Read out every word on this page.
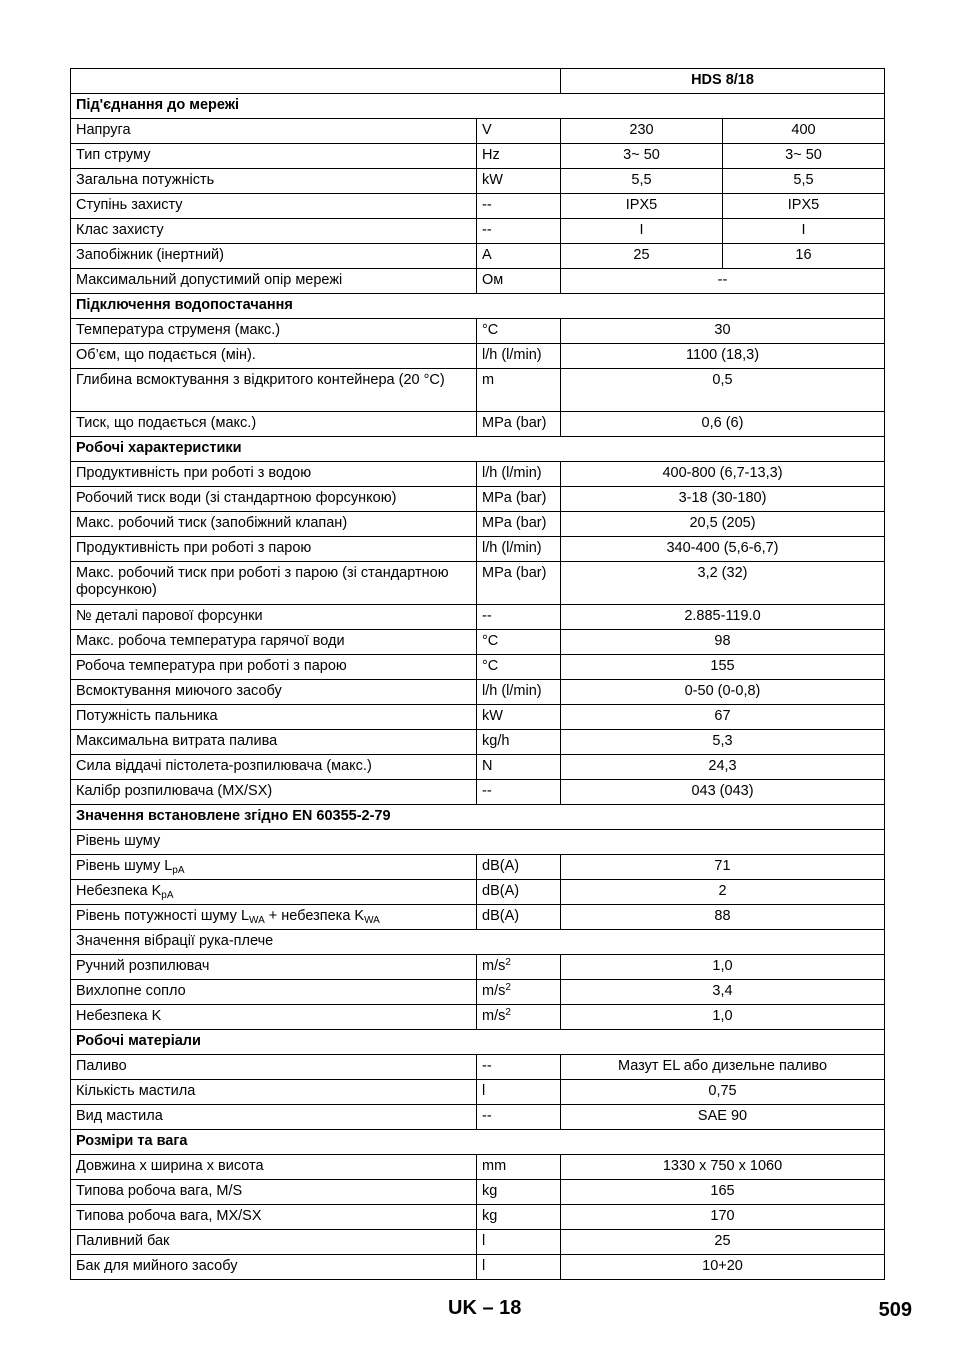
		HDS 8/18	
Під'єднання до мережі			
Напруга	V	230	400
Тип струму	Hz	3~ 50	3~ 50
Загальна потужність	kW	5,5	5,5
Ступінь захисту	--	IPX5	IPX5
Клас захисту	--	I	I
Запобіжник (інертний)	A	25	16
Максимальний допустимий опір мережі	Ом	--	
Підключення водопостачання			
Температура струменя (макс.)	°C	30	
Об’єм, що подається (мін).	l/h (l/min)	1100 (18,3)	
Глибина всмоктування з відкритого контейнера (20 °C)	m	0,5	
Тиск, що подається (макс.)	MPa (bar)	0,6 (6)	
Робочі характеристики			
Продуктивність при роботі з водою	l/h (l/min)	400-800 (6,7-13,3)	
Робочий тиск води (зі стандартною форсункою)	MPa (bar)	3-18 (30-180)	
Макс. робочий тиск (запобіжний клапан)	MPa (bar)	20,5 (205)	
Продуктивність при роботі з парою	l/h (l/min)	340-400 (5,6-6,7)	
Макс. робочий тиск при роботі з парою (зі стандартною форсункою)	MPa (bar)	3,2 (32)	
№ деталі парової форсунки	--	2.885-119.0	
Макс. робоча температура гарячої води	°C	98	
Робоча температура при роботі з парою	°C	155	
Всмоктування миючого засобу	l/h (l/min)	0-50 (0-0,8)	
Потужність пальника	kW	67	
Максимальна витрата палива	kg/h	5,3	
Сила віддачі пістолета-розпилювача (макс.)	N	24,3	
Калібр розпилювача (MX/SX)	--	043 (043)	
Значення встановлене згідно EN 60355-2-79			
Рівень шуму			
Рівень шуму $L_{pA}$	dB(A)	71	
Небезпека $K_{pA}$	dB(A)	2	
Рівень потужності шуму $L_{WA}$ + небезпека $K_{WA}$	dB(A)	88	
Значення вібрації рука-плече			
Ручний розпилювач	$m/s^2$	1,0	
Вихлопне сопло	$m/s^2$	3,4	
Небезпека K	$m/s^2$	1,0	
Робочі матеріали			
Паливо	--	Мазут EL або дизельне паливо	
Кількість мастила	l	0,75	
Вид мастила	--	SAE 90	
Розміри та вага			
Довжина x ширина x висота	mm	1330 x 750 x 1060	
Типова робоча вага, M/S	kg	165	
Типова робоча вага, MX/SX	kg	170	
Паливний бак	l	25	
Бак для мийного засобу	l	10+20	
UK – 18	509
